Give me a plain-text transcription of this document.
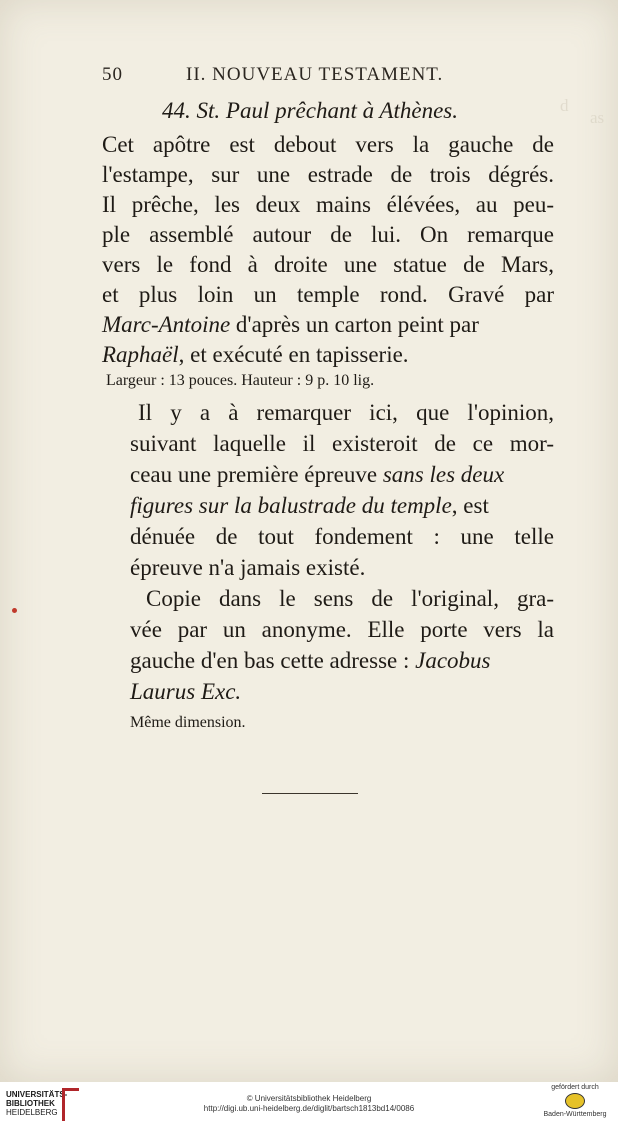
d
as
50	II. NOUVEAU TESTAMENT.
44. St. Paul prêchant à Athènes.
Cet apôtre est debout vers la gauche de
l'estampe, sur une estrade de trois dégrés.
Il prêche, les deux mains élévées, au peu-
ple assemblé autour de lui. On remarque
vers le fond à droite une statue de Mars,
et plus loin un temple rond. Gravé par
Marc-Antoine d'après un carton peint par
Raphaël, et exécuté en tapisserie.
Largeur : 13 pouces. Hauteur : 9 p. 10 lig.
Il y a à remarquer ici, que l'opinion,
suivant laquelle il existeroit de ce mor-
ceau une première épreuve sans les deux
figures sur la balustrade du temple, est
dénuée de tout fondement : une telle
épreuve n'a jamais existé.
Copie dans le sens de l'original, gra-
vée par un anonyme. Elle porte vers la
gauche d'en bas cette adresse : Jacobus
Laurus Exc.
Même dimension.
UNIVERSITÄTS-
BIBLIOTHEK
HEIDELBERG
© Universitätsbibliothek Heidelberg
http://digi.ub.uni-heidelberg.de/diglit/bartsch1813bd14/0086
gefördert durch
Baden-Württemberg
